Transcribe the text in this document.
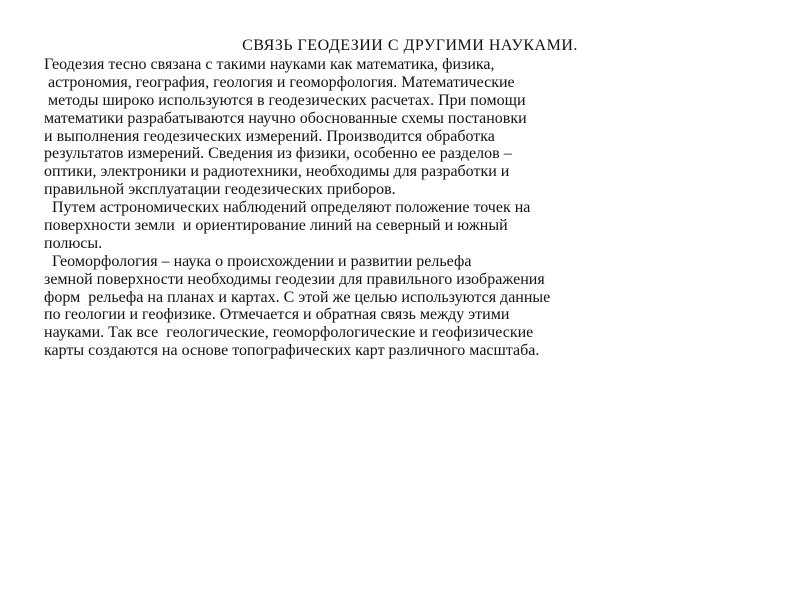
СВЯЗЬ ГЕОДЕЗИИ С ДРУГИМИ НАУКАМИ.
Геодезия тесно связана с такими науками как математика, физика,
астрономия, география, геология и геоморфология. Математические
методы широко используются в геодезических расчетах. При помощи
математики разрабатываются научно обоснованные схемы постановки
и выполнения геодезических измерений. Производится обработка
результатов измерений. Сведения из физики, особенно ее разделов –
оптики, электроники и радиотехники, необходимы для разработки и
правильной эксплуатации геодезических приборов.
Путем астрономических наблюдений определяют положение точек на
поверхности земли  и ориентирование линий на северный и южный
полюсы.
Геоморфология – наука о происхождении и развитии рельефа
земной поверхности необходимы геодезии для правильного изображения
форм  рельефа на планах и картах. С этой же целью используются данные
по геологии и геофизике. Отмечается и обратная связь между этими
науками. Так все  геологические, геоморфологические и геофизические
карты создаются на основе топографических карт различного масштаба.
